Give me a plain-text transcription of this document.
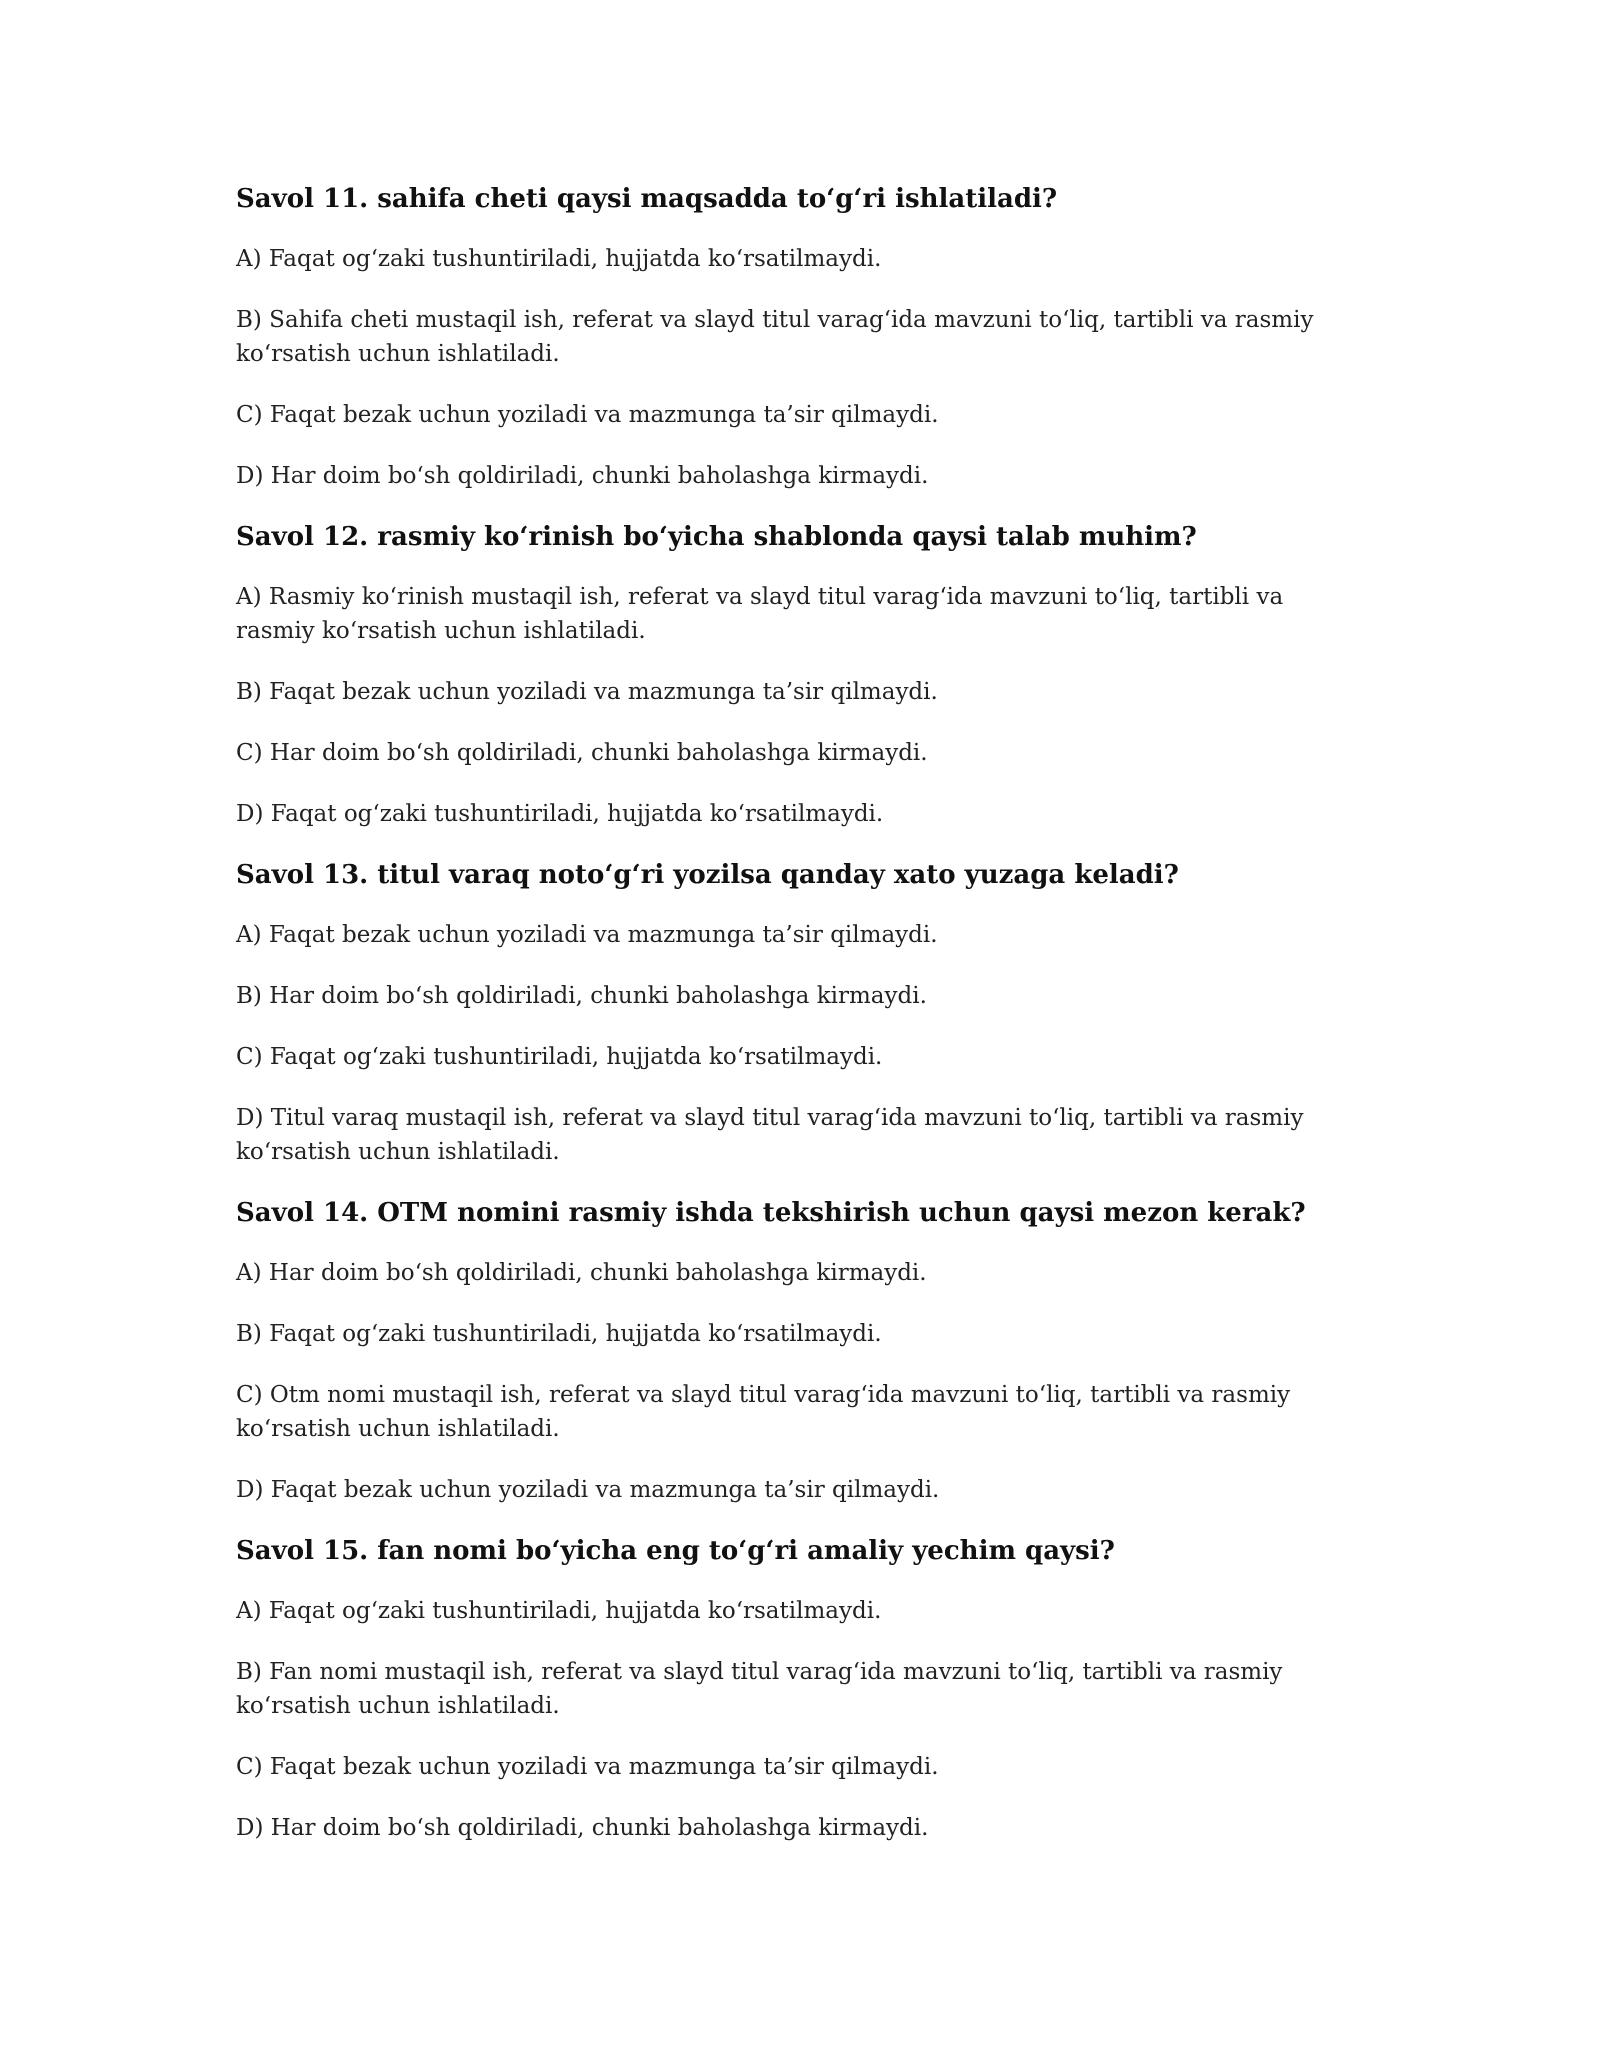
Savol 11. sahifa cheti qaysi maqsadda to‘g‘ri ishlatiladi?
A) Faqat og‘zaki tushuntiriladi, hujjatda ko‘rsatilmaydi.
B) Sahifa cheti mustaqil ish, referat va slayd titul varag‘ida mavzuni to‘liq, tartibli va rasmiy ko‘rsatish uchun ishlatiladi.
C) Faqat bezak uchun yoziladi va mazmunga ta’sir qilmaydi.
D) Har doim bo‘sh qoldiriladi, chunki baholashga kirmaydi.
Savol 12. rasmiy ko‘rinish bo‘yicha shablonda qaysi talab muhim?
A) Rasmiy ko‘rinish mustaqil ish, referat va slayd titul varag‘ida mavzuni to‘liq, tartibli va rasmiy ko‘rsatish uchun ishlatiladi.
B) Faqat bezak uchun yoziladi va mazmunga ta’sir qilmaydi.
C) Har doim bo‘sh qoldiriladi, chunki baholashga kirmaydi.
D) Faqat og‘zaki tushuntiriladi, hujjatda ko‘rsatilmaydi.
Savol 13. titul varaq noto‘g‘ri yozilsa qanday xato yuzaga keladi?
A) Faqat bezak uchun yoziladi va mazmunga ta’sir qilmaydi.
B) Har doim bo‘sh qoldiriladi, chunki baholashga kirmaydi.
C) Faqat og‘zaki tushuntiriladi, hujjatda ko‘rsatilmaydi.
D) Titul varaq mustaqil ish, referat va slayd titul varag‘ida mavzuni to‘liq, tartibli va rasmiy ko‘rsatish uchun ishlatiladi.
Savol 14. OTM nomini rasmiy ishda tekshirish uchun qaysi mezon kerak?
A) Har doim bo‘sh qoldiriladi, chunki baholashga kirmaydi.
B) Faqat og‘zaki tushuntiriladi, hujjatda ko‘rsatilmaydi.
C) Otm nomi mustaqil ish, referat va slayd titul varag‘ida mavzuni to‘liq, tartibli va rasmiy ko‘rsatish uchun ishlatiladi.
D) Faqat bezak uchun yoziladi va mazmunga ta’sir qilmaydi.
Savol 15. fan nomi bo‘yicha eng to‘g‘ri amaliy yechim qaysi?
A) Faqat og‘zaki tushuntiriladi, hujjatda ko‘rsatilmaydi.
B) Fan nomi mustaqil ish, referat va slayd titul varag‘ida mavzuni to‘liq, tartibli va rasmiy ko‘rsatish uchun ishlatiladi.
C) Faqat bezak uchun yoziladi va mazmunga ta’sir qilmaydi.
D) Har doim bo‘sh qoldiriladi, chunki baholashga kirmaydi.
